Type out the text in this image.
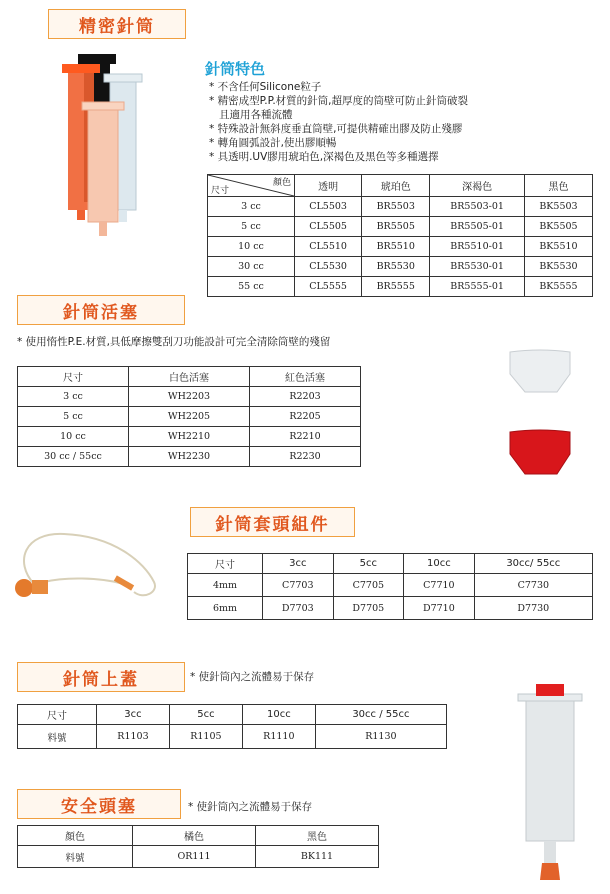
精密針筒
針筒特色
* 不含任何Silicone粒子
* 精密成型P.P.材質的針筒,超厚度的筒壁可防止針筒破裂
且適用各種流體
* 特殊設計無斜度垂直筒壁,可提供精確出膠及防止殘膠
* 轉角圓弧設計,使出膠順暢
* 具透明.UV膠用琥珀色,深褐色及黑色等多種選擇
顏色
尺寸	透明	琥珀色	深褐色	黑色
3 cc	CL5503	BR5503	BR5503-01	BK5503
5 cc	CL5505	BR5505	BR5505-01	BK5505
10 cc	CL5510	BR5510	BR5510-01	BK5510
30 cc	CL5530	BR5530	BR5530-01	BK5530
55 cc	CL5555	BR5555	BR5555-01	BK5555
針筒活塞
* 使用惰性P.E.材質,具低摩擦雙刮刀功能設計可完全清除筒壁的殘留
尺寸	白色活塞	紅色活塞
3 cc	WH2203	R2203
5 cc	WH2205	R2205
10 cc	WH2210	R2210
30 cc / 55cc	WH2230	R2230
針筒套頭組件
尺寸	3cc	5cc	10cc	30cc/ 55cc
4mm	C7703	C7705	C7710	C7730
6mm	D7703	D7705	D7710	D7730
針筒上蓋	* 使針筒內之流體易于保存
尺寸	3cc	5cc	10cc	30cc / 55cc
料號	R1103	R1105	R1110	R1130
安全頭塞	* 使針筒內之流體易于保存
顏色	橘色	黑色
料號	OR111	BK111
